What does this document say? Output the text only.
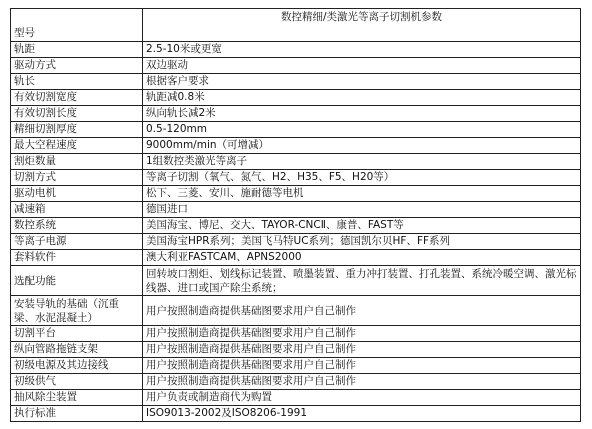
型号	数控精细/类激光等离子切割机参数
轨距	2.5-10米或更宽
驱动方式	双边驱动
轨长	根据客户要求
有效切割宽度	轨距减0.8米
有效切割长度	纵向轨长减2米
精细切割厚度	0.5-120mm
最大空程速度	9000mm/min（可增减）
割炬数量	1组数控类激光等离子
切割方式	等离子切割（氧气、氮气、H2、H35、F5、H20等）
驱动电机	松下、三菱、安川、施耐德等电机
减速箱	德国进口
数控系统	美国海宝、博尼、交大、TAYOR-CNCⅡ、康普、FAST等
等离子电源	美国海宝HPR系列；美国飞马特UC系列；德国凯尔贝HF、FF系列
套料软件	澳大利亚FASTCAM、APNS2000
选配功能	回转坡口割炬、划线标记装置、喷墨装置、重力冲打装置、打孔装置、系统冷暖空调、激光标线器、进口或国产除尘系统；
安装导轨的基础（沉重梁、水泥混凝土）	用户按照制造商提供基础图要求用户自己制作
切割平台	用户按照制造商提供基础图要求用户自己制作
纵向管路拖链支架	用户按照制造商提供基础图要求用户自己制作
初级电源及其边接线	用户按照制造商提供基础图要求用户自己制作
初级供气	用户按照制造商提供基础图要求用户自己制作
抽风除尘装置	用户负责或制造商代为购置
执行标准	ISO9013-2002及ISO8206-1991
